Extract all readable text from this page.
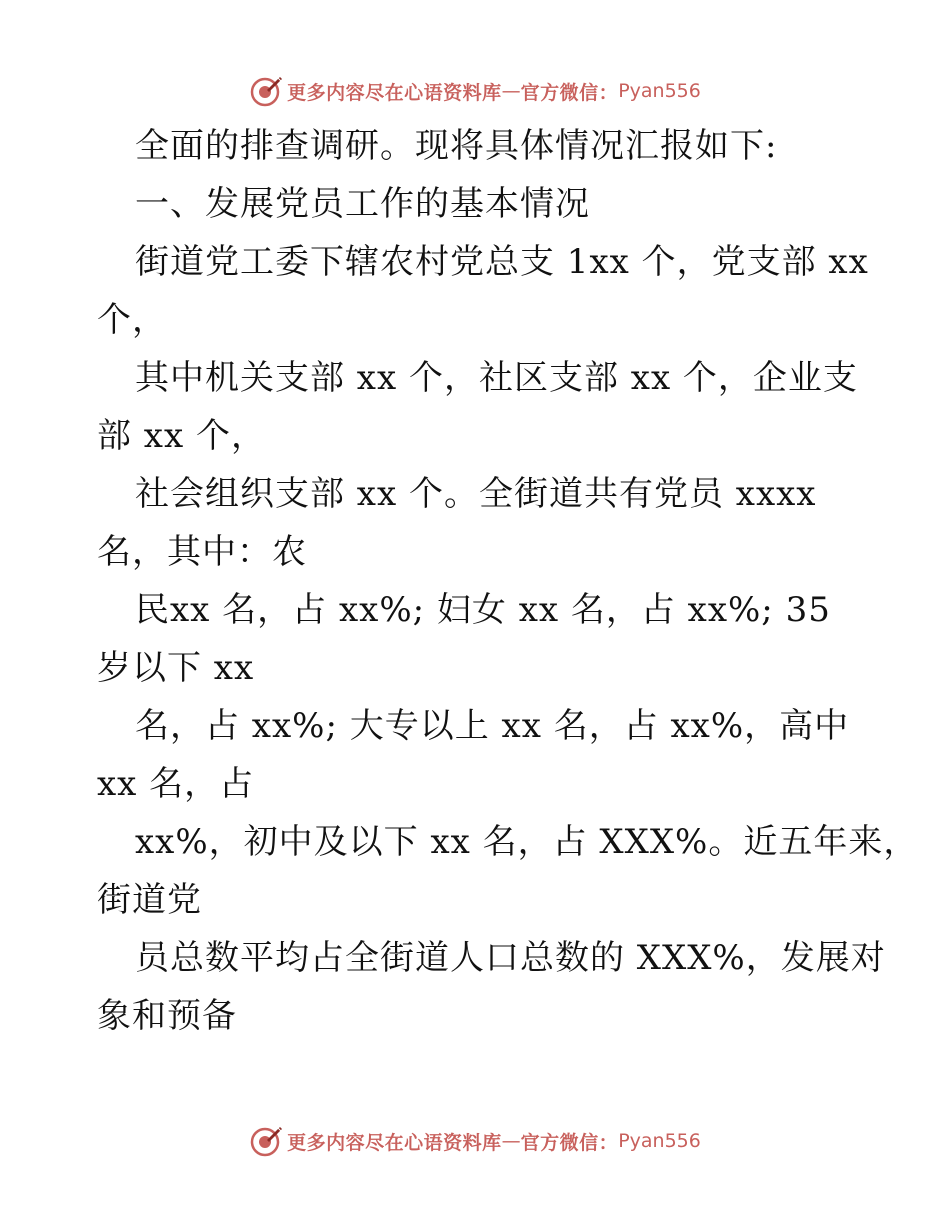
更多内容尽在心语资料库 — 官方微信： Pyan556
全面的排查调研。现将具体情况汇报如下:
一、发展党员工作的基本情况
街道党工委下辖农村党总支 1xx 个，党支部 xx
个，
其中机关支部 xx 个，社区支部 xx 个，企业支
部 xx 个，
社会组织支部 xx 个。全街道共有党员 xxxx
名，其中：农
民xx 名，占 xx%; 妇女 xx 名，占 xx%; 35
岁以下 xx
名，占 xx%; 大专以上 xx 名，占 xx%，高中
xx 名，占
xx%，初中及以下 xx 名，占 XXX%。近五年来，
街道党
员总数平均占全街道人口总数的 XXX%，发展对
象和预备
更多内容尽在心语资料库 — 官方微信： Pyan556
